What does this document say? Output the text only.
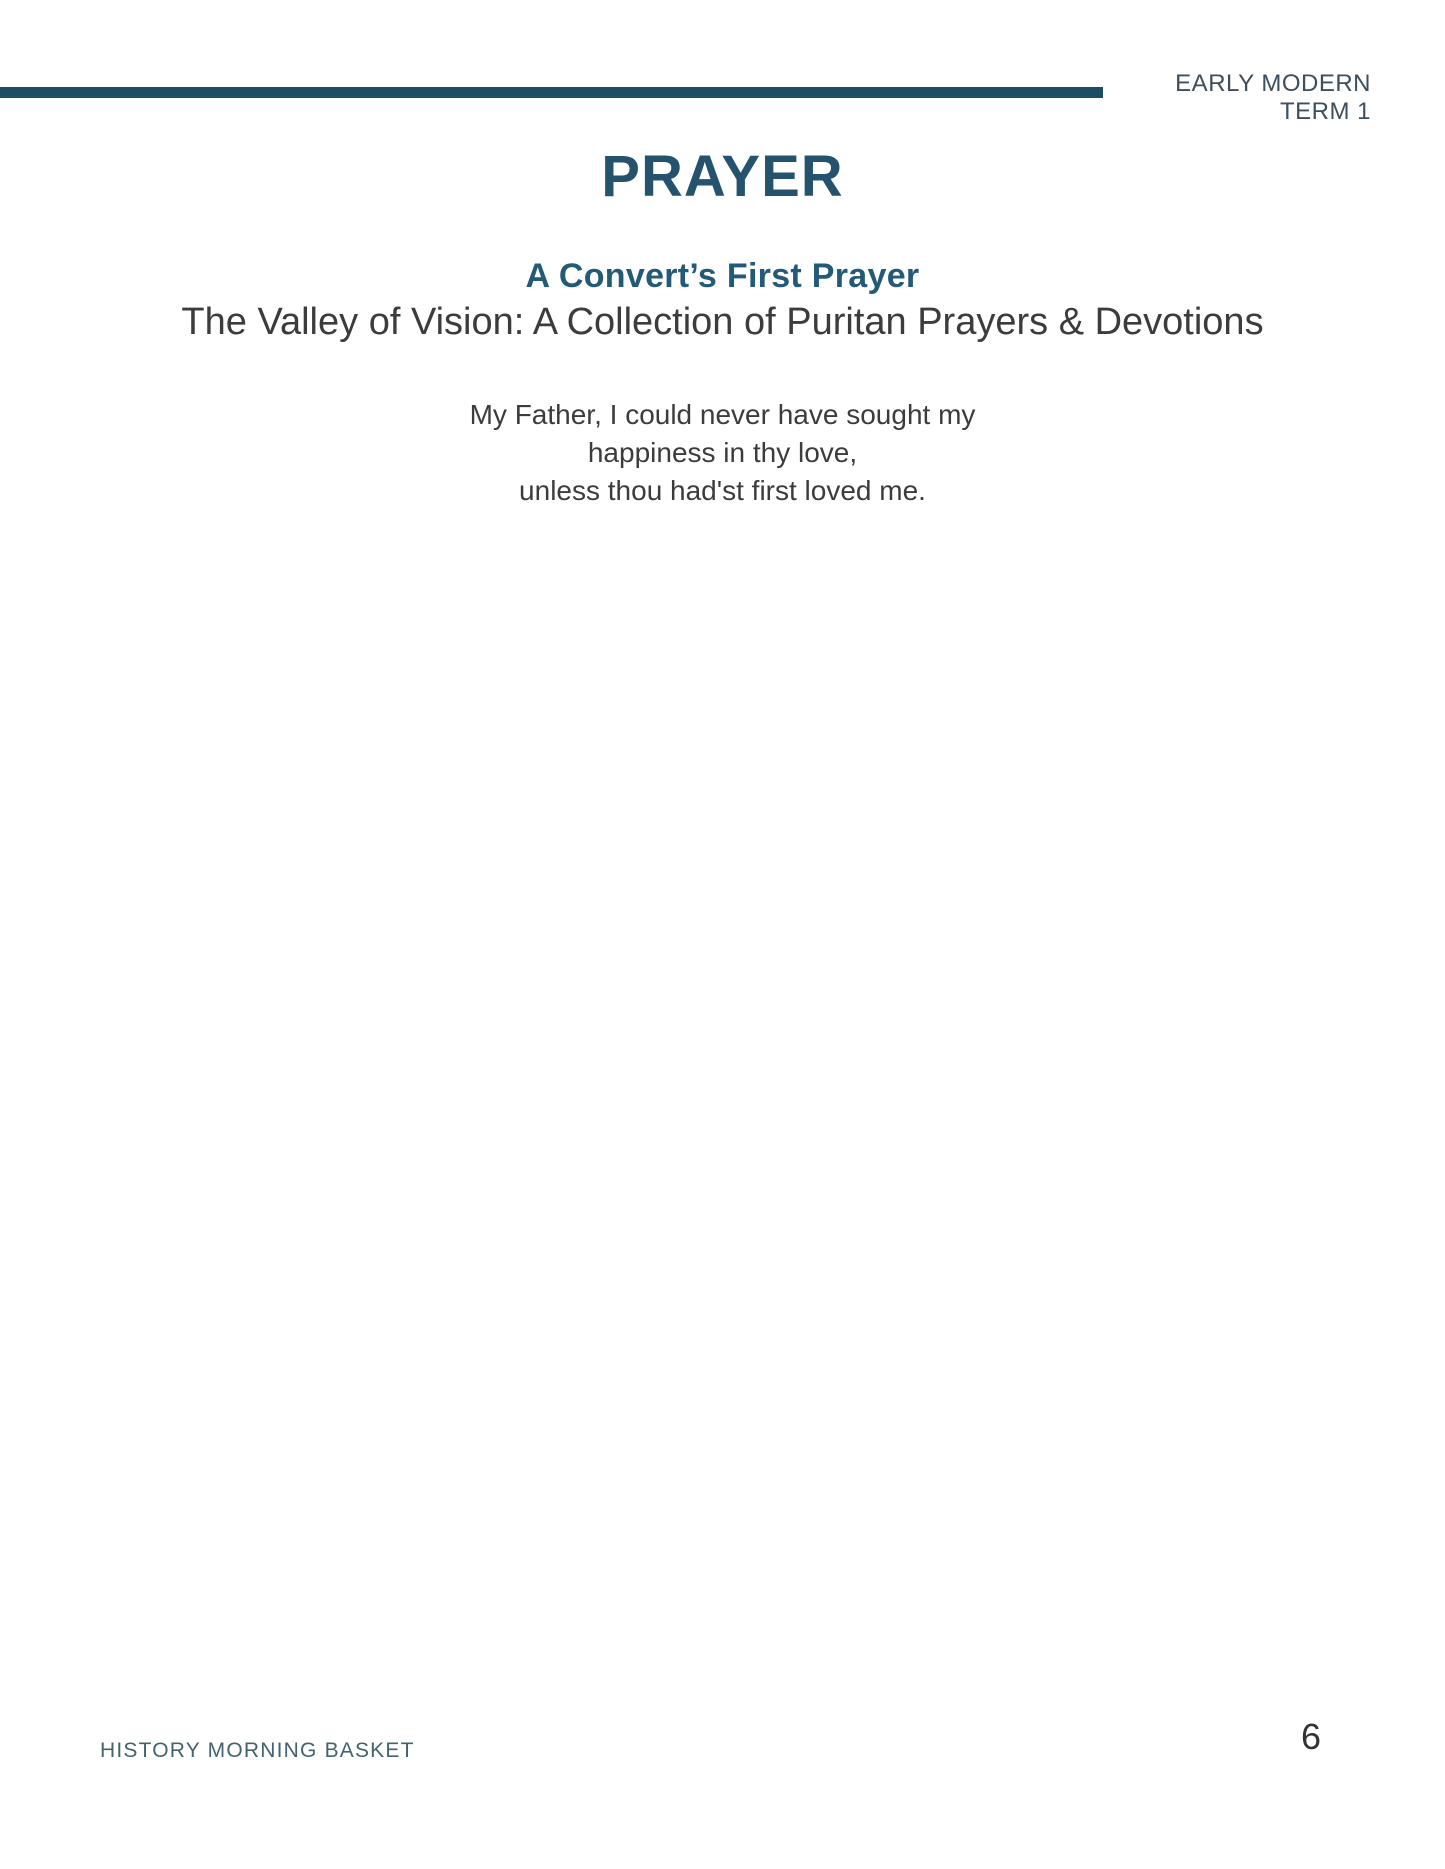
EARLY MODERN
TERM 1
PRAYER
A Convert’s First Prayer
The Valley of Vision: A Collection of Puritan Prayers & Devotions
My Father, I could never have sought my
happiness in thy love,
unless thou had'st first loved me.
HISTORY MORNING BASKET	6
